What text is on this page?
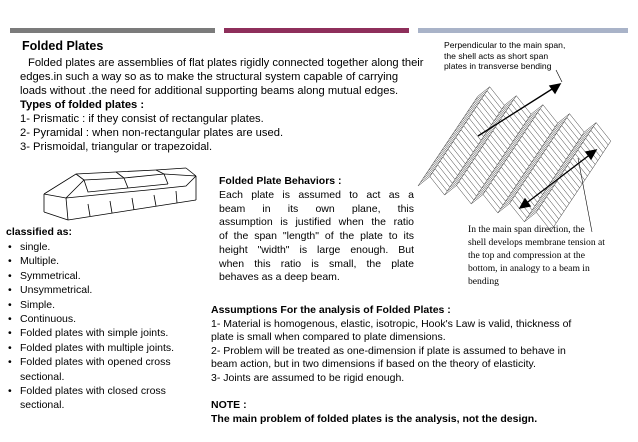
Folded Plates
Folded plates are assemblies of flat plates rigidly connected together along their
edges.in such a way so as to make the structural system capable of carrying
loads without .the need for additional supporting beams along mutual edges.
Types of folded plates :
1- Prismatic : if they consist of rectangular plates.
2- Pyramidal : when non-rectangular plates are used.
3- Prismoidal, triangular or trapezoidal.
classified as:
• single.
• Multiple.
• Symmetrical.
• Unsymmetrical.
• Simple.
• Continuous.
• Folded plates with simple joints.
• Folded plates with multiple joints.
• Folded plates with opened cross
sectional.
• Folded plates with closed cross
sectional.
Folded Plate Behaviors :
Each plate is assumed to act as a
beam in its own plane, this
assumption is justified when the ratio
of the span "length" of the plate to its
height "width" is large enough. But
when this ratio is small, the plate
behaves as a deep beam.
Perpendicular to the main span,
the shell acts as short span
plates in transverse bending
In the main span direction, the
shell develops membrane tension at
the top and compression at the
bottom, in analogy to a beam in
bending
Assumptions For the analysis of Folded Plates :
1- Material is homogenous, elastic, isotropic, Hook's Law is valid, thickness of
plate is small when compared to plate dimensions.
2- Problem will be treated as one-dimension if plate is assumed to behave in
beam action, but in two dimensions if based on the theory of elasticity.
3- Joints are assumed to be rigid enough.
NOTE :
The main problem of folded plates is the analysis, not the design.
